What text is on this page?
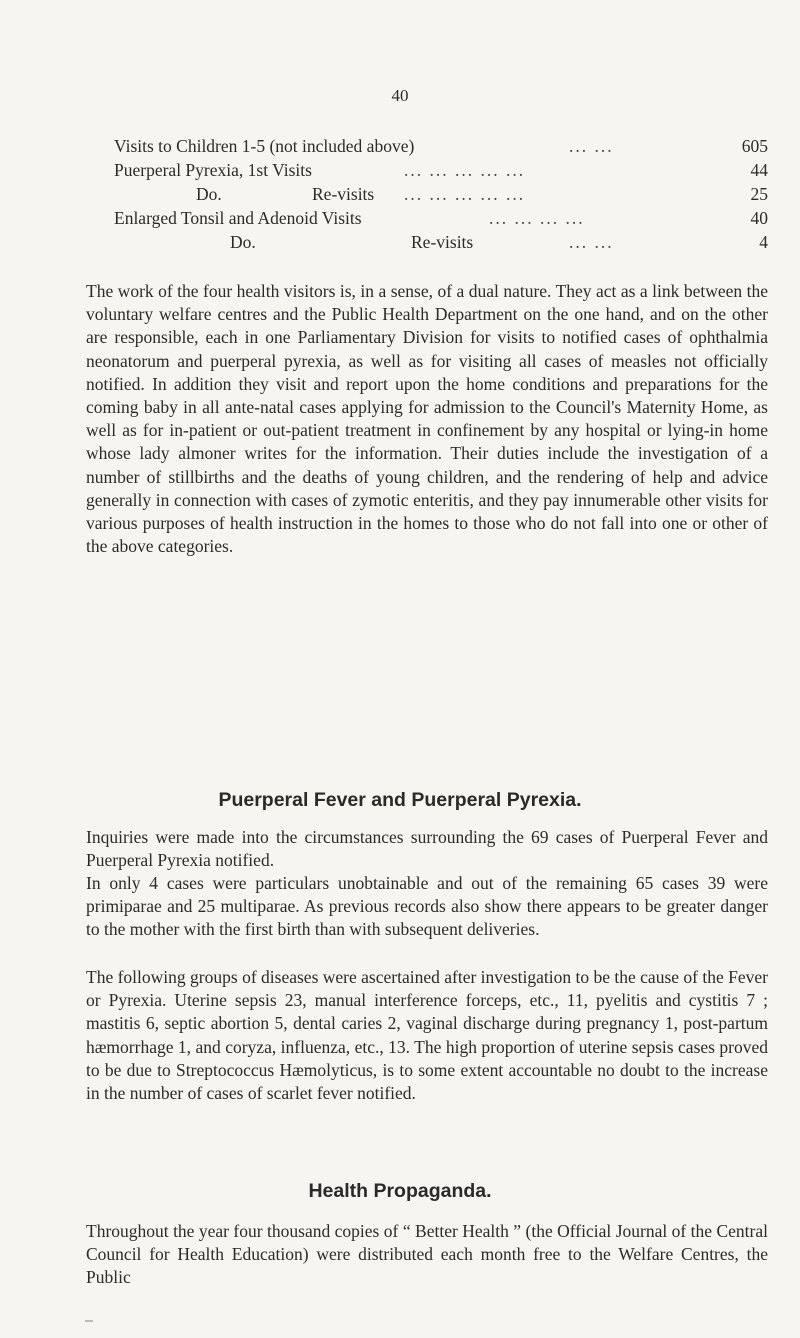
40
Visits to Children 1-5 (not included above)	... ...	605
Puerperal Pyrexia, 1st Visits	... ... ... ... ...	44
Do.	Re-visits ... ... ... ... ...	25
Enlarged Tonsil and Adenoid Visits	... ... ... ...	40
Do.	Re-visits	... ...	4

The work of the four health visitors is, in a sense, of a dual nature. They act as a link between the voluntary welfare centres and the Public Health Department on the one hand, and on the other are responsible, each in one Parliamentary Division for visits to notified cases of ophthalmia neonatorum and puerperal pyrexia, as well as for visiting all cases of measles not officially notified. In addition they visit and report upon the home conditions and preparations for the coming baby in all ante-natal cases applying for admission to the Council's Maternity Home, as well as for in-patient or out-patient treatment in confinement by any hospital or lying-in home whose lady almoner writes for the information. Their duties include the investigation of a number of stillbirths and the deaths of young children, and the rendering of help and advice generally in connection with cases of zymotic enteritis, and they pay innumerable other visits for various purposes of health instruction in the homes to those who do not fall into one or other of the above categories.

Puerperal Fever and Puerperal Pyrexia.

Inquiries were made into the circumstances surrounding the 69 cases of Puerperal Fever and Puerperal Pyrexia notified.

In only 4 cases were particulars unobtainable and out of the remaining 65 cases 39 were primiparae and 25 multiparae. As previous records also show there appears to be greater danger to the mother with the first birth than with subsequent deliveries.

The following groups of diseases were ascertained after investigation to be the cause of the Fever or Pyrexia. Uterine sepsis 23, manual interference forceps, etc., 11, pyelitis and cystitis 7 ; mastitis 6, septic abortion 5, dental caries 2, vaginal discharge during pregnancy 1, post-partum hæmorrhage 1, and coryza, influenza, etc., 13. The high proportion of uterine sepsis cases proved to be due to Streptococcus Hæmolyticus, is to some extent accountable no doubt to the increase in the number of cases of scarlet fever notified.

Health Propaganda.

Throughout the year four thousand copies of “ Better Health ” (the Official Journal of the Central Council for Health Education) were distributed each month free to the Welfare Centres, the Public
